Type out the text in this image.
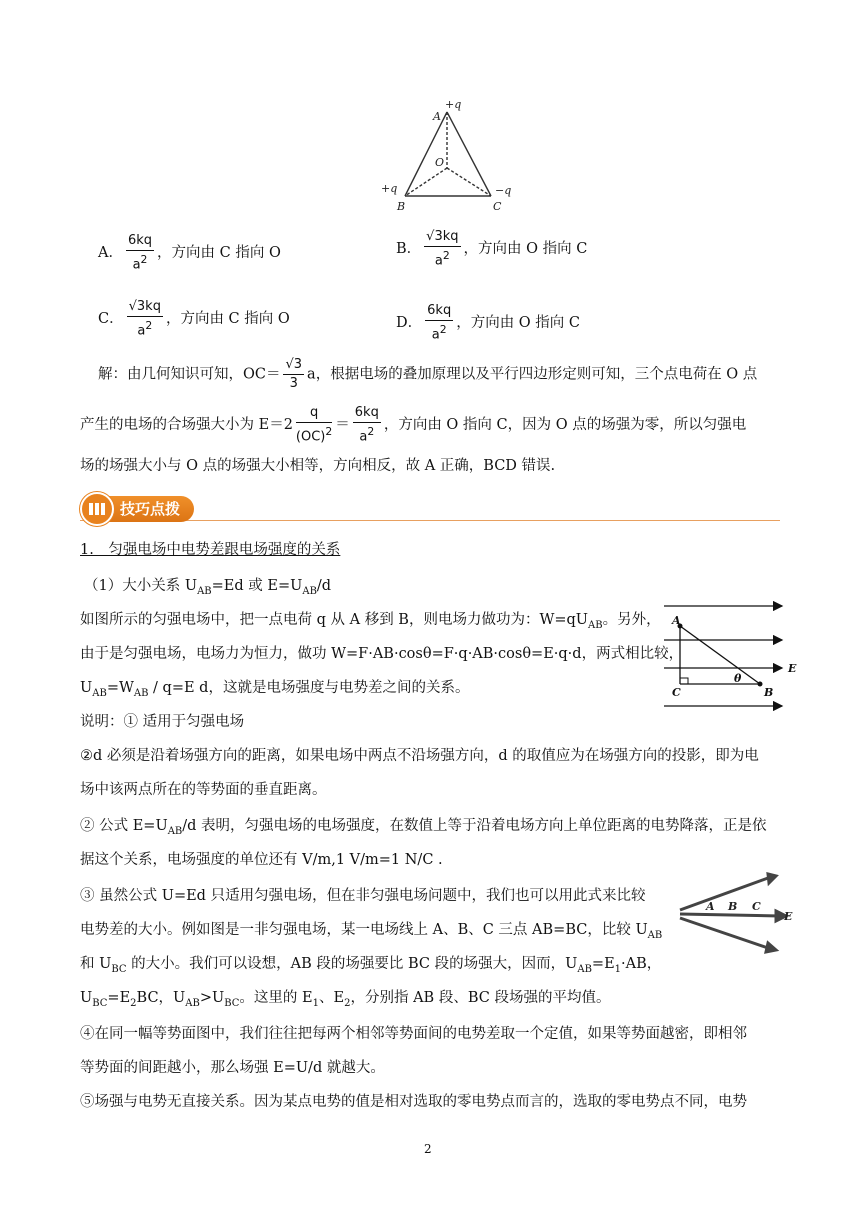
A
B	C
O
+q
+q	−q
A． $\frac{6kq}{a^2}$ ，方向由 C 指向 O	B． $\frac{√3kq}{a^2}$ ，方向由 O 指向 C
C． $\frac{√3kq}{a^2}$ ，方向由 C 指向 O	D． $\frac{6kq}{a^2}$ ，方向由 O 指向 C
解：由几何知识可知，$OC= \frac{√3}{3}$ a，根据电场的叠加原理以及平行四边形定则可知，三个点电荷在 O 点
产生的电场的合场强大小为 $E=2 \frac{q}{(OC)^2} = \frac{6kq}{a^2}$ ，方向由 O 指向 C，因为 O 点的场强为零，所以匀强电
场的场强大小与 O 点的场强大小相等，方向相反，故 A 正确，BCD 错误.
技巧点拨
1.　匀强电场中电势差跟电场强度的关系
（1）大小关系 $U_{AB}=Ed$ 或 $E=U_{AB}/d$
如图所示的匀强电场中，把一点电荷 q 从 A 移到 B，则电场力做功为：$W=qU_{AB}$。另外，
由于是匀强电场，电场力为恒力，做功 W=F·AB·cosθ=F·q·AB·cosθ=E·q·d，两式相比较，
$U_{AB}=W_{AB} / q=E$ d，这就是电场强度与电势差之间的关系。
A
B
C
E
θ
说明：① 适用于匀强电场
②d 必须是沿着场强方向的距离，如果电场中两点不沿场强方向，d 的取值应为在场强方向的投影，即为电
场中该两点所在的等势面的垂直距离。
② 公式 $E=U_{AB}/d$ 表明，匀强电场的电场强度，在数值上等于沿着电场方向上单位距离的电势降落，正是依
据这个关系，电场强度的单位还有 V/m,1 V/m=1 N/C .
③ 虽然公式 U=Ed 只适用匀强电场，但在非匀强电场问题中，我们也可以用此式来比较
电势差的大小。例如图是一非匀强电场，某一电场线上 A、B、C 三点 AB=BC，比较 $U_{AB}$
和 $U_{BC}$ 的大小。我们可以设想，AB 段的场强要比 BC 段的场强大，因而，$U_{AB}=E_1\cdot AB$，
$U_{BC}=E_2BC$，$U_{AB}>U_{BC}$。这里的 $E_1$、$E_2$，分别指 AB 段、BC 段场强的平均值。
A B C
E
④在同一幅等势面图中，我们往往把每两个相邻等势面间的电势差取一个定值，如果等势面越密，即相邻
等势面的间距越小，那么场强 E=U/d 就越大。
⑤场强与电势无直接关系。因为某点电势的值是相对选取的零电势点而言的，选取的零电势点不同，电势
2
